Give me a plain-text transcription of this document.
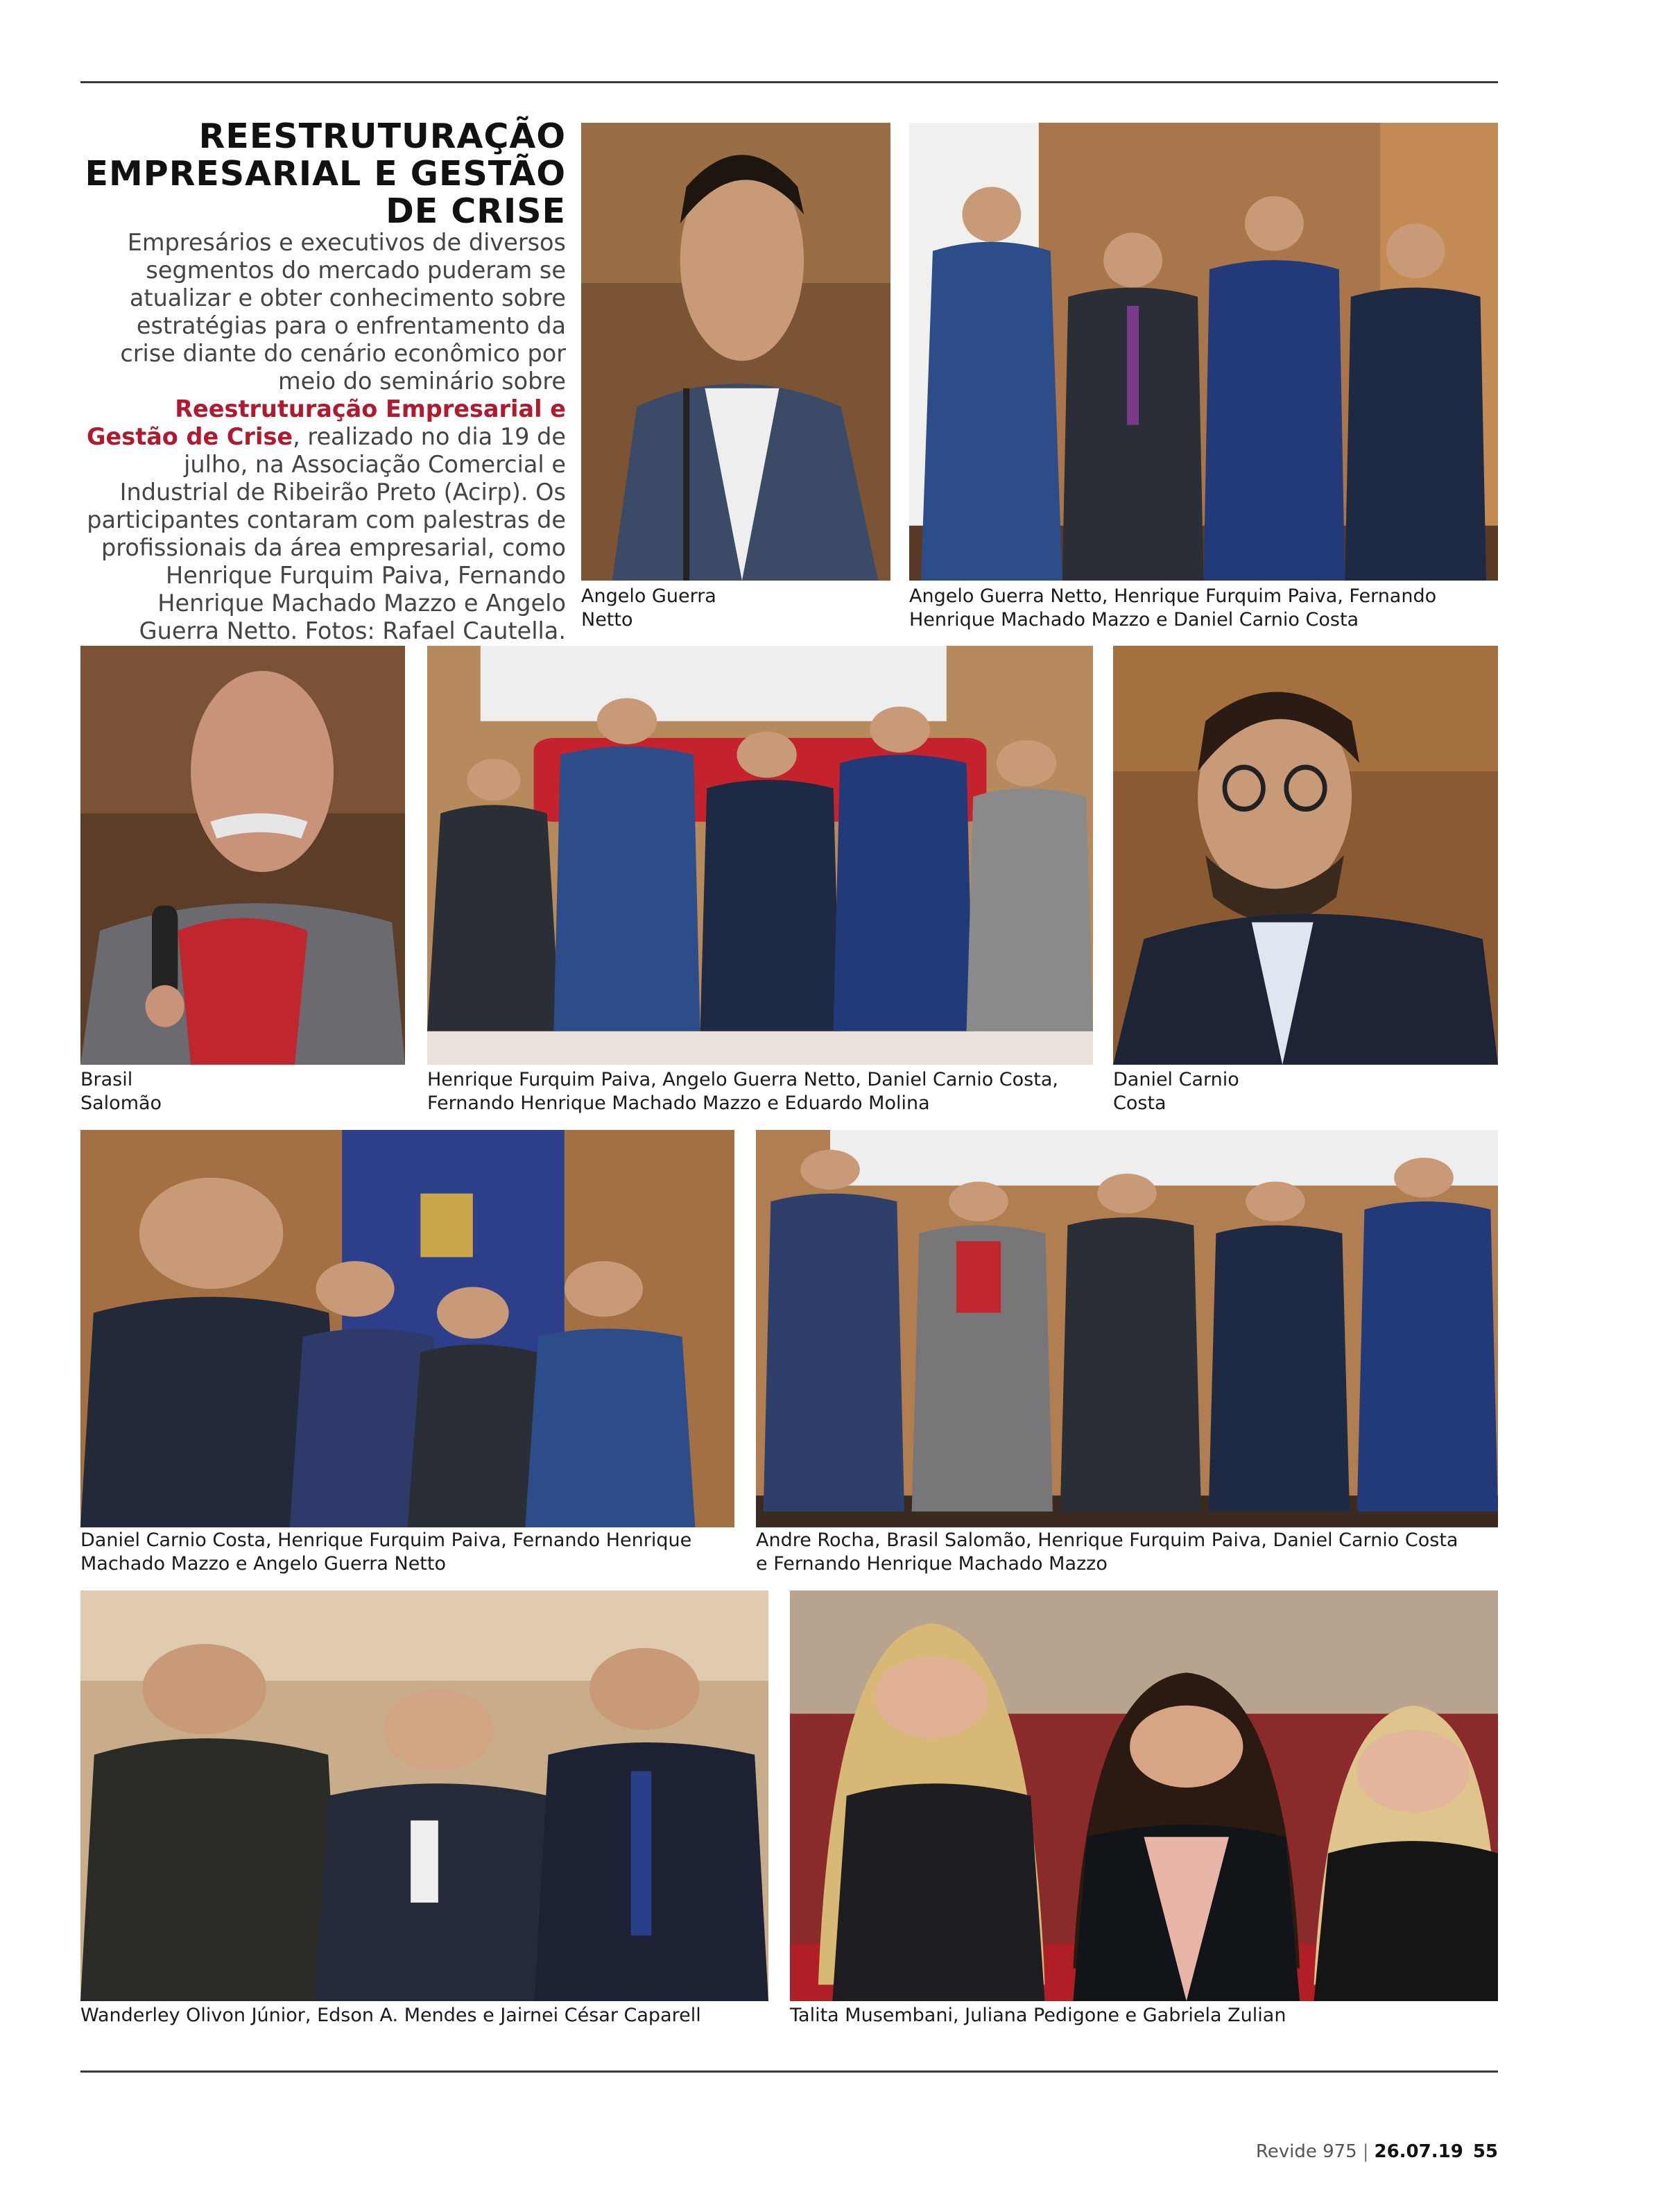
REESTRUTURAÇÃO EMPRESARIAL E GESTÃO DE CRISE

Empresários e executivos de diversos segmentos do mercado puderam se atualizar e obter conhecimento sobre estratégias para o enfrentamento da crise diante do cenário econômico por meio do seminário sobre Reestruturação Empresarial e Gestão de Crise, realizado no dia 19 de julho, na Associação Comercial e Industrial de Ribeirão Preto (Acirp). Os participantes contaram com palestras de profissionais da área empresarial, como Henrique Furquim Paiva, Fernando Henrique Machado Mazzo e Angelo Guerra Netto. Fotos: Rafael Cautella.

Angelo Guerra
Netto

Angelo Guerra Netto, Henrique Furquim Paiva, Fernando
Henrique Machado Mazzo e Daniel Carnio Costa

Brasil
Salomão

Henrique Furquim Paiva, Angelo Guerra Netto, Daniel Carnio Costa,
Fernando Henrique Machado Mazzo e Eduardo Molina

Daniel Carnio
Costa

Daniel Carnio Costa, Henrique Furquim Paiva, Fernando Henrique
Machado Mazzo e Angelo Guerra Netto

Andre Rocha, Brasil Salomão, Henrique Furquim Paiva, Daniel Carnio Costa
e Fernando Henrique Machado Mazzo

Wanderley Olivon Júnior, Edson A. Mendes e Jairnei César Caparell	Talita Musembani, Juliana Pedigone e Gabriela Zulian

Revide 975 | 26.07.19 55
